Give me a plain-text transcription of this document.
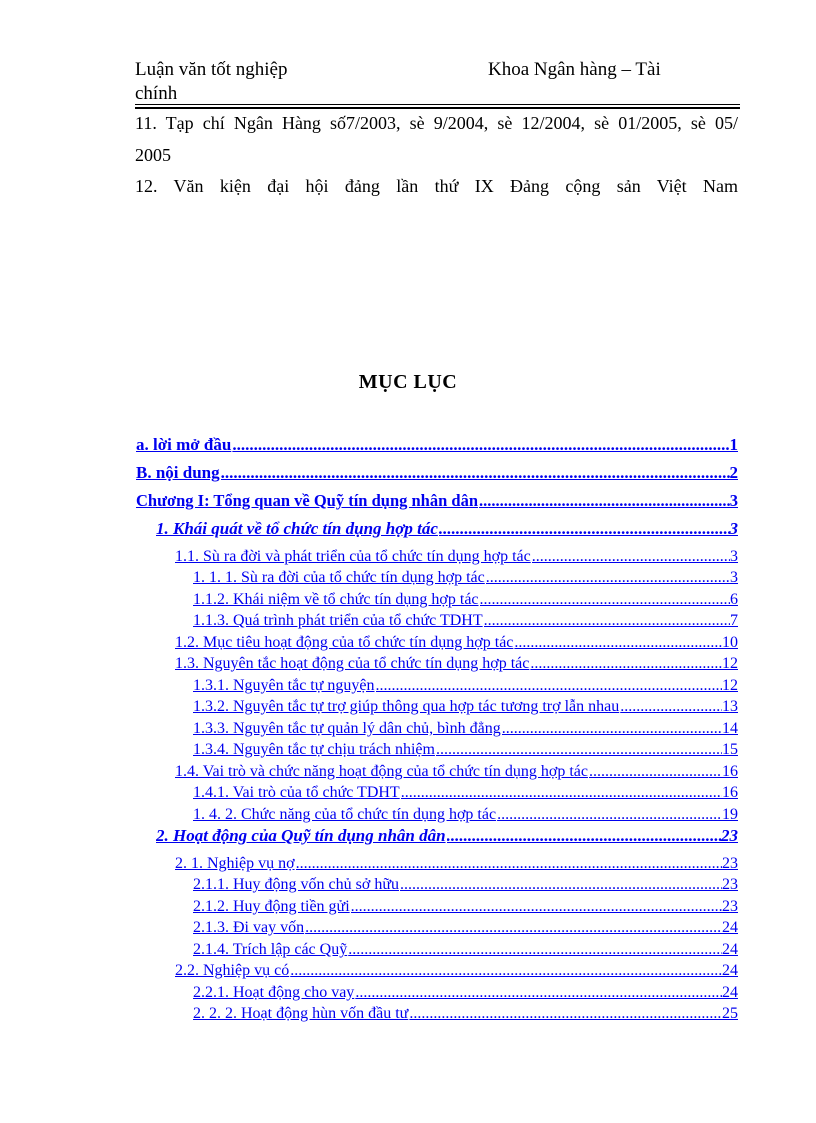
Luận văn tốt nghiệp	Khoa Ngân hàng – Tài
chính
11. Tạp chí Ngân Hàng số7/2003, sè 9/2004, sè 12/2004, sè 01/2005, sè 05/
2005
12. Văn kiện đại hội đảng lần thứ IX Đảng cộng sản Việt Nam
MỤC LỤC
a. lời mở đầu .....	1
B. nội dung .....	2
Chương I: Tổng quan về Quỹ tín dụng nhân dân .....	3
1. Khái quát về tổ chức tín dụng hợp tác .....	3
1.1. Sù ra đời và phát triển của tổ chức tín dụng hợp tác .....	3
1. 1. 1. Sù ra đời của tổ chức tín dụng hợp tác .....	3
1.1.2. Khái niệm về tổ chức tín dụng hợp tác .....	6
1.1.3. Quá trình phát triển của tổ chức TDHT .....	7
1.2. Mục tiêu hoạt động của tổ chức tín dụng hợp tác .....	10
1.3. Nguyên tắc hoạt động của tổ chức tín dụng hợp tác .....	12
1.3.1. Nguyên tắc tự nguyện .....	12
1.3.2. Nguyên tắc tự trợ giúp thông qua hợp tác tương trợ lẫn nhau .....	13
1.3.3. Nguyên tắc tự quản lý dân chủ, bình đẳng .....	14
1.3.4. Nguyên tắc tự chịu trách nhiệm .....	15
1.4. Vai trò và chức năng hoạt động của tổ chức tín dụng hợp tác .....	16
1.4.1. Vai trò của tổ chức TDHT .....	16
1. 4. 2. Chức năng của tổ chức tín dụng hợp tác .....	19
2. Hoạt động của Quỹ tín dụng nhân dân .....	23
2. 1. Nghiệp vụ nợ .....	23
2.1.1. Huy động vốn chủ sở hữu .....	23
2.1.2. Huy động tiền gửi .....	23
2.1.3. Đi vay vốn .....	24
2.1.4. Trích lập các Quỹ .....	24
2.2. Nghiệp vụ có .....	24
2.2.1. Hoạt động cho vay .....	24
2. 2. 2. Hoạt động hùn vốn đầu tư .....	25
